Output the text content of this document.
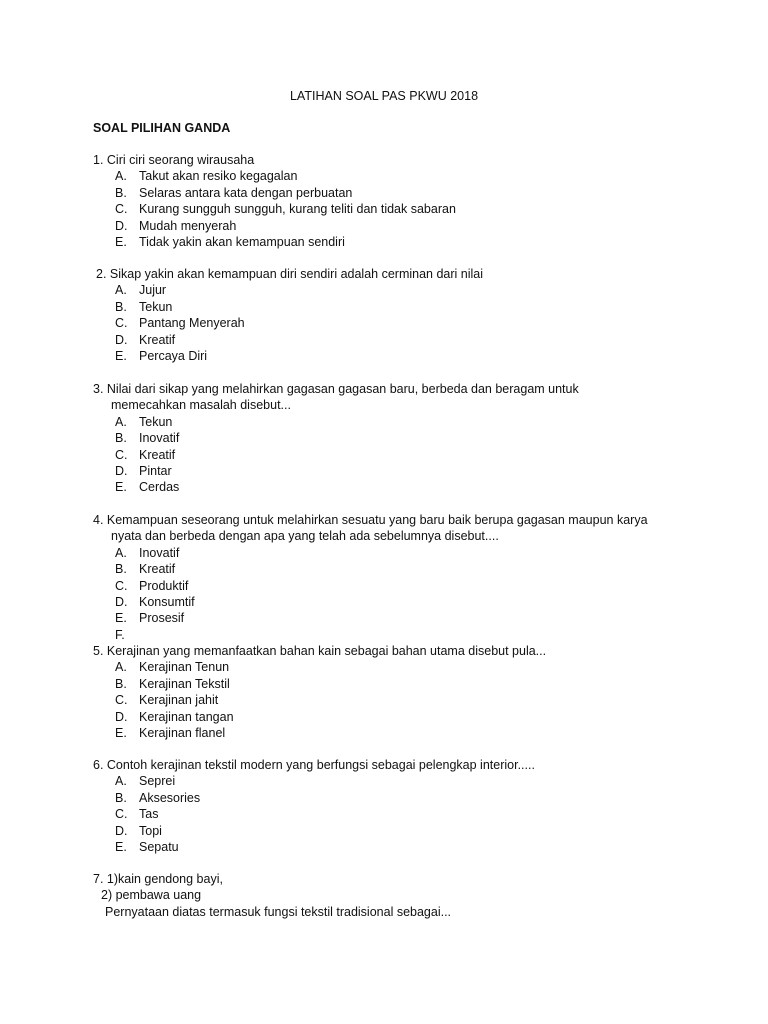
LATIHAN SOAL PAS PKWU 2018
SOAL PILIHAN GANDA
1. Ciri ciri seorang wirausaha
A. Takut akan resiko kegagalan
B. Selaras antara kata dengan perbuatan
C. Kurang sungguh sungguh, kurang teliti dan tidak sabaran
D. Mudah menyerah
E. Tidak yakin akan kemampuan sendiri
2. Sikap yakin akan kemampuan diri sendiri adalah cerminan dari nilai
A. Jujur
B. Tekun
C. Pantang Menyerah
D. Kreatif
E. Percaya Diri
3. Nilai dari sikap yang melahirkan gagasan gagasan baru, berbeda dan beragam untuk
memecahkan masalah disebut...
A. Tekun
B. Inovatif
C. Kreatif
D. Pintar
E. Cerdas
4. Kemampuan seseorang untuk melahirkan sesuatu yang baru baik berupa gagasan maupun karya
nyata dan berbeda dengan apa yang telah ada sebelumnya disebut....
A. Inovatif
B. Kreatif
C. Produktif
D. Konsumtif
E. Prosesif
F.
5. Kerajinan yang memanfaatkan bahan kain sebagai bahan utama disebut pula...
A. Kerajinan Tenun
B. Kerajinan Tekstil
C. Kerajinan jahit
D. Kerajinan tangan
E. Kerajinan flanel
6. Contoh kerajinan tekstil modern yang berfungsi sebagai pelengkap interior.....
A. Seprei
B. Aksesories
C. Tas
D. Topi
E. Sepatu
7. 1)kain gendong bayi,
2) pembawa uang
Pernyataan diatas termasuk fungsi tekstil tradisional sebagai...
